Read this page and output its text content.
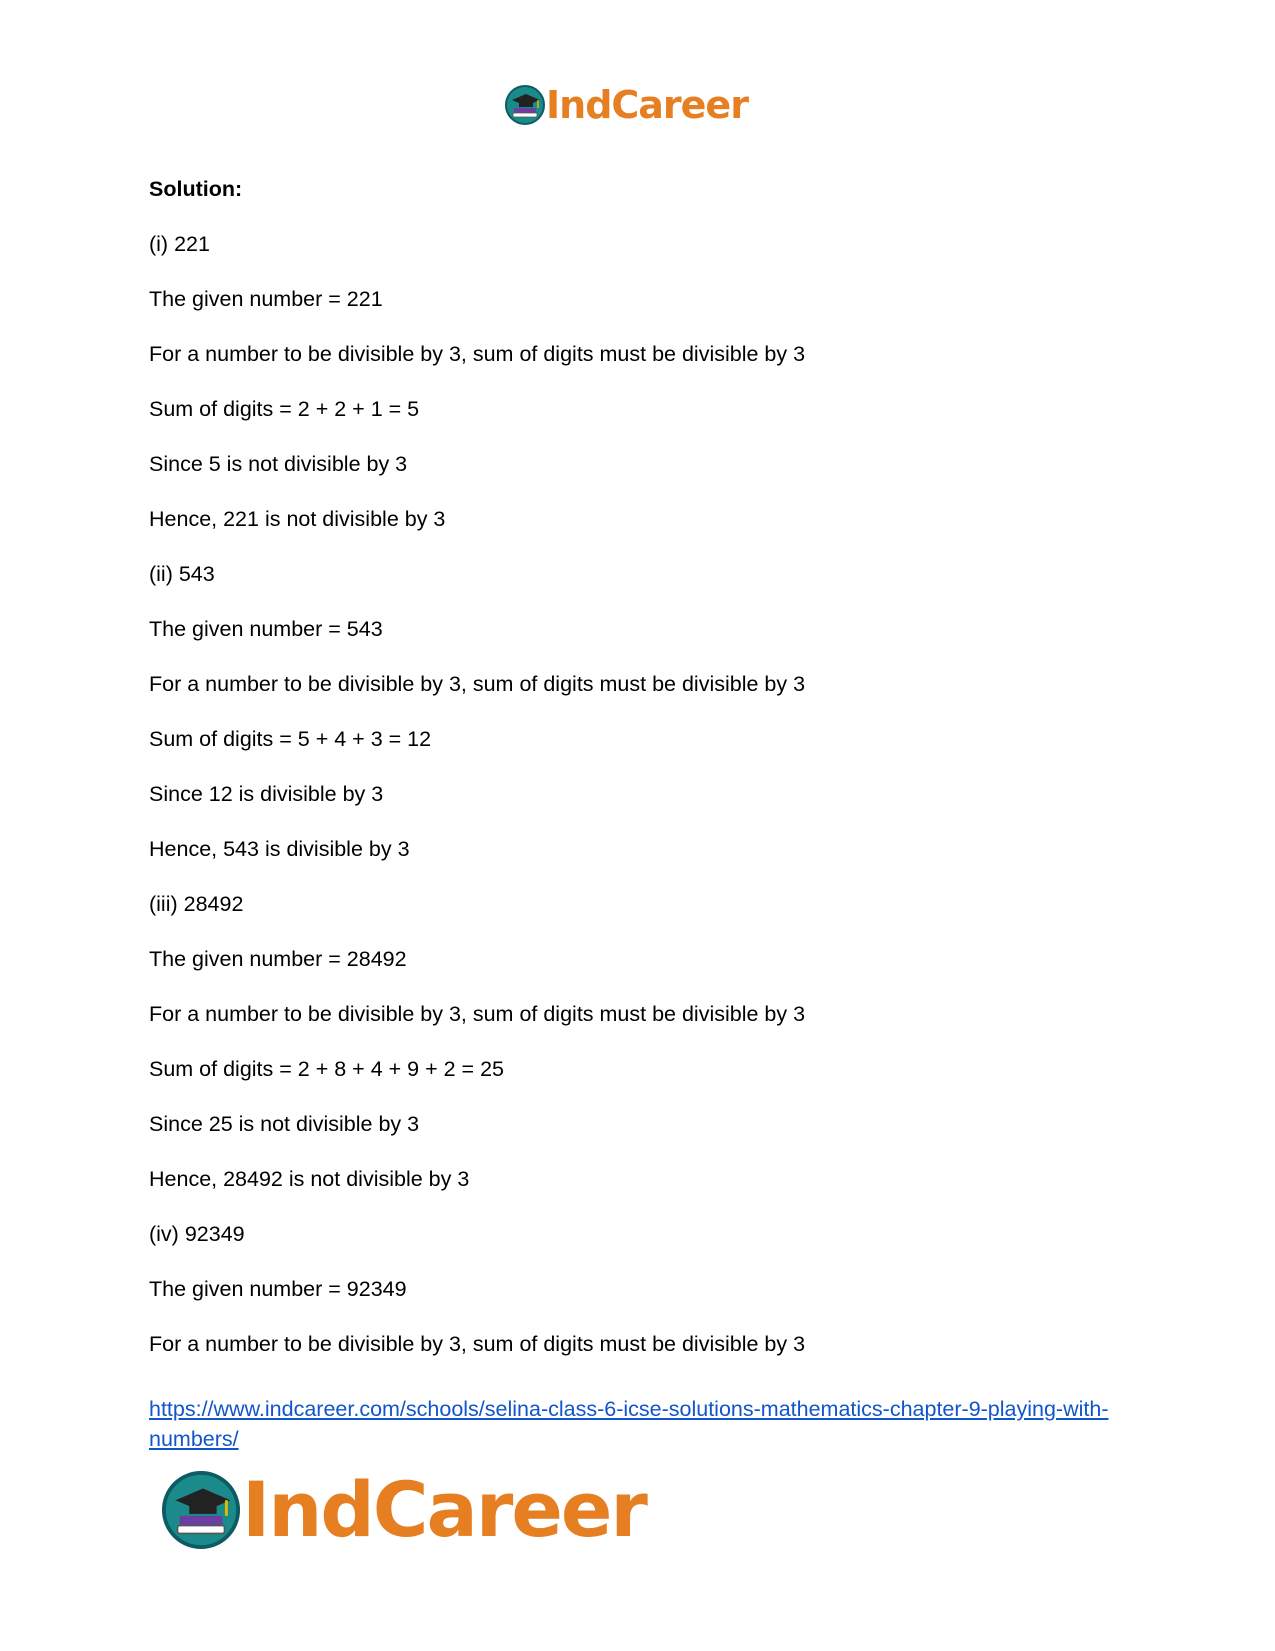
IndCareer
Solution:
(i) 221
The given number = 221
For a number to be divisible by 3, sum of digits must be divisible by 3
Sum of digits = 2 + 2 + 1 = 5
Since 5 is not divisible by 3
Hence, 221 is not divisible by 3
(ii) 543
The given number = 543
For a number to be divisible by 3, sum of digits must be divisible by 3
Sum of digits = 5 + 4 + 3 = 12
Since 12 is divisible by 3
Hence, 543 is divisible by 3
(iii) 28492
The given number = 28492
For a number to be divisible by 3, sum of digits must be divisible by 3
Sum of digits = 2 + 8 + 4 + 9 + 2 = 25
Since 25 is not divisible by 3
Hence, 28492 is not divisible by 3
(iv) 92349
The given number = 92349
For a number to be divisible by 3, sum of digits must be divisible by 3
https://www.indcareer.com/schools/selina-class-6-icse-solutions-mathematics-chapter-9-playing-with-numbers/
IndCareer
